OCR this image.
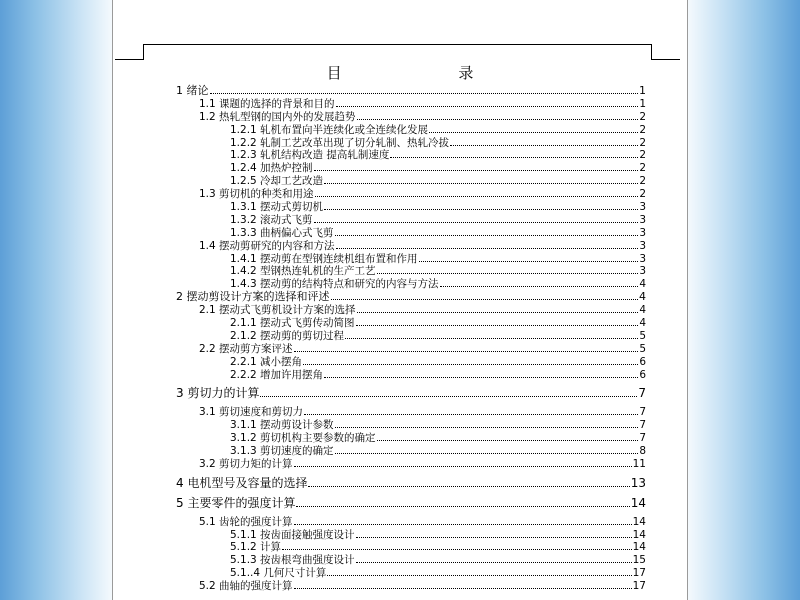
目 录
1 绪论	1
1.1 课题的选择的背景和目的	1
1.2 热轧型钢的国内外的发展趋势	2
1.2.1 轧机布置向半连续化或全连续化发展	2
1.2.2 轧制工艺改革出现了切分轧制、热轧冷拔	2
1.2.3 轧机结构改造 提高轧制速度	2
1.2.4 加热炉控制	2
1.2.5 冷却工艺改造	2
1.3 剪切机的种类和用途	2
1.3.1 摆动式剪切机	3
1.3.2 滚动式飞剪	3
1.3.3 曲柄偏心式飞剪	3
1.4 摆动剪研究的内容和方法	3
1.4.1 摆动剪在型钢连续机组布置和作用	3
1.4.2 型钢热连轧机的生产工艺	3
1.4.3 摆动剪的结构特点和研究的内容与方法	4
2 摆动剪设计方案的选择和评述	4
2.1 摆动式飞剪机设计方案的选择	4
2.1.1 摆动式飞剪传动简图	4
2.1.2 摆动剪的剪切过程	5
2.2 摆动剪方案评述	5
2.2.1 减小摆角	6
2.2.2 增加许用摆角	6
3 剪切力的计算	7
3.1 剪切速度和剪切力	7
3.1.1 摆动剪设计参数	7
3.1.2 剪切机构主要参数的确定	7
3.1.3 剪切速度的确定	8
3.2 剪切力矩的计算	11
4 电机型号及容量的选择	13
5 主要零件的强度计算	14
5.1 齿轮的强度计算	14
5.1.1 按齿面接触强度设计	14
5.1.2 计算	14
5.1.3 按齿根弯曲强度设计	15
5.1..4 几何尺寸计算	17
5.2 曲轴的强度计算	17
